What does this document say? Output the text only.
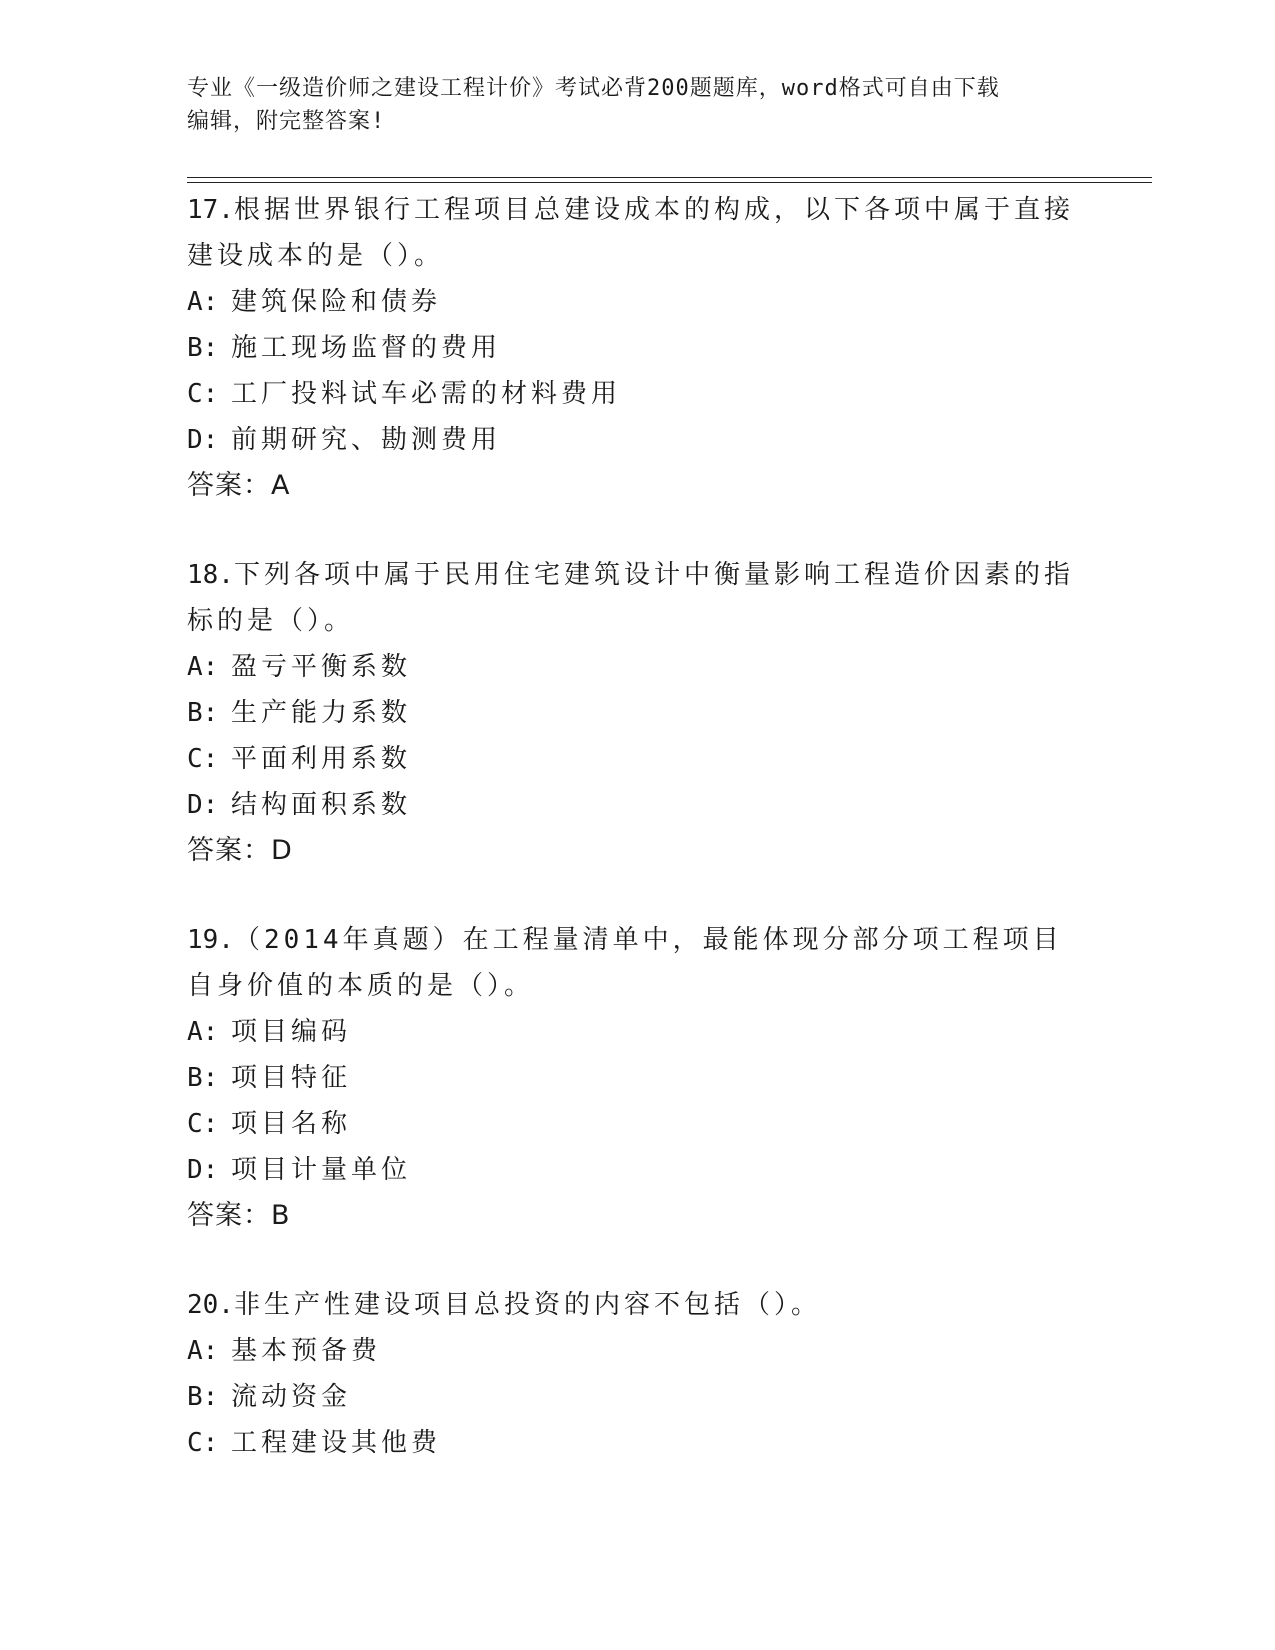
专业《一级造价师之建设工程计价》考试必背200题题库，word格式可自由下载
编辑，附完整答案!

17.根据世界银行工程项目总建设成本的构成，以下各项中属于直接建设成本的是（）。

A: 建筑保险和债券

B: 施工现场监督的费用

C: 工厂投料试车必需的材料费用

D: 前期研究、勘测费用

答案：A

18.下列各项中属于民用住宅建筑设计中衡量影响工程造价因素的指标的是（）。

A: 盈亏平衡系数

B: 生产能力系数

C: 平面利用系数

D: 结构面积系数

答案：D

19.（2014年真题）在工程量清单中，最能体现分部分项工程项目自身价值的本质的是（）。

A: 项目编码

B: 项目特征

C: 项目名称

D: 项目计量单位

答案：B

20.非生产性建设项目总投资的内容不包括（）。

A: 基本预备费

B: 流动资金

C: 工程建设其他费
